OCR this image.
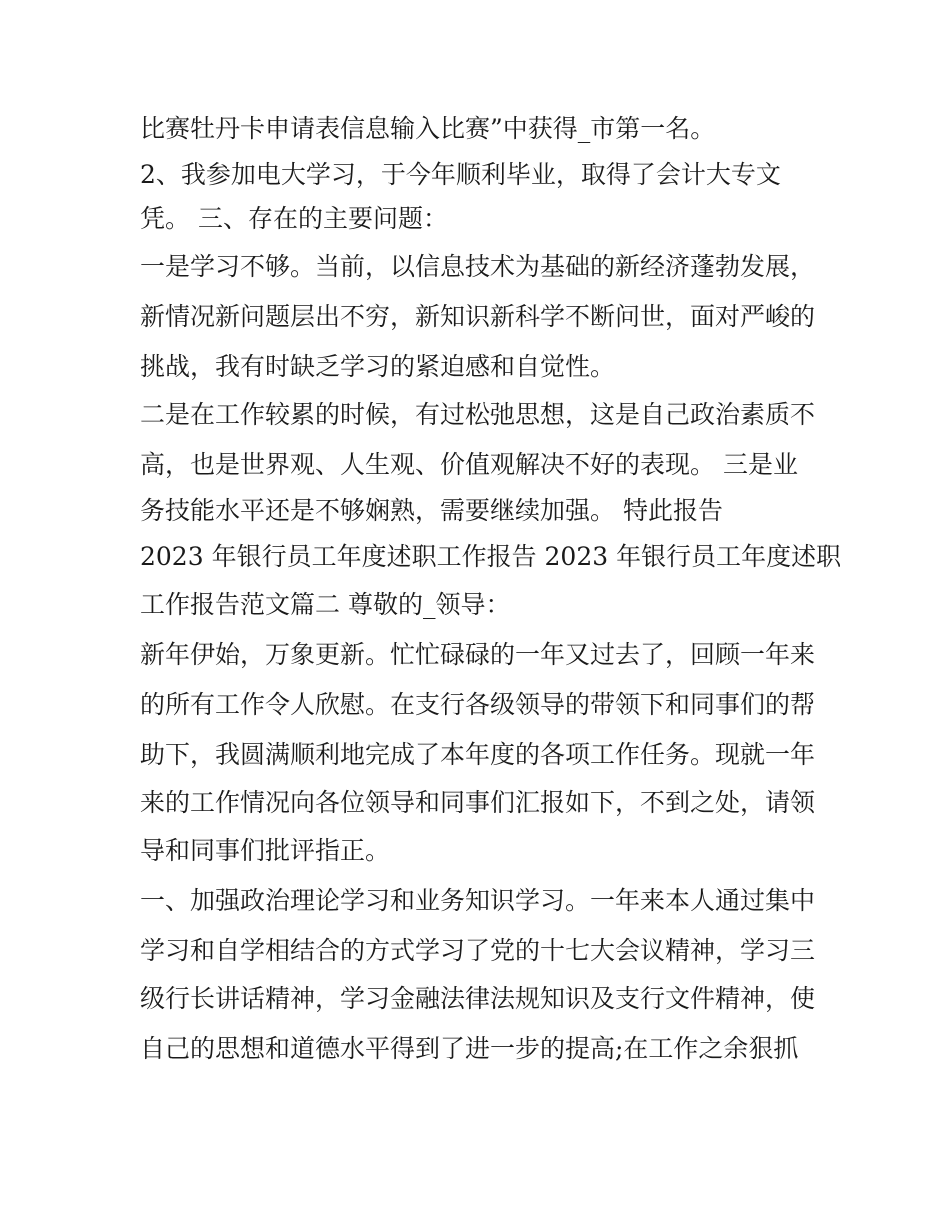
比赛牡丹卡申请表信息输入比赛”中获得_市第一名。
2、我参加电大学习，于今年顺利毕业，取得了会计大专文
凭。 三、存在的主要问题：
一是学习不够。当前，以信息技术为基础的新经济蓬勃发展，
新情况新问题层出不穷，新知识新科学不断问世，面对严峻的
挑战，我有时缺乏学习的紧迫感和自觉性。
二是在工作较累的时候，有过松弛思想，这是自己政治素质不
高，也是世界观、人生观、价值观解决不好的表现。 三是业
务技能水平还是不够娴熟，需要继续加强。 特此报告
2023 年银行员工年度述职工作报告 2023 年银行员工年度述职
工作报告范文篇二 尊敬的_领导：
新年伊始，万象更新。忙忙碌碌的一年又过去了，回顾一年来
的所有工作令人欣慰。在支行各级领导的带领下和同事们的帮
助下，我圆满顺利地完成了本年度的各项工作任务。现就一年
来的工作情况向各位领导和同事们汇报如下，不到之处，请领
导和同事们批评指正。
一、加强政治理论学习和业务知识学习。一年来本人通过集中
学习和自学相结合的方式学习了党的十七大会议精神，学习三
级行长讲话精神，学习金融法律法规知识及支行文件精神，使
自己的思想和道德水平得到了进一步的提高;在工作之余狠抓
